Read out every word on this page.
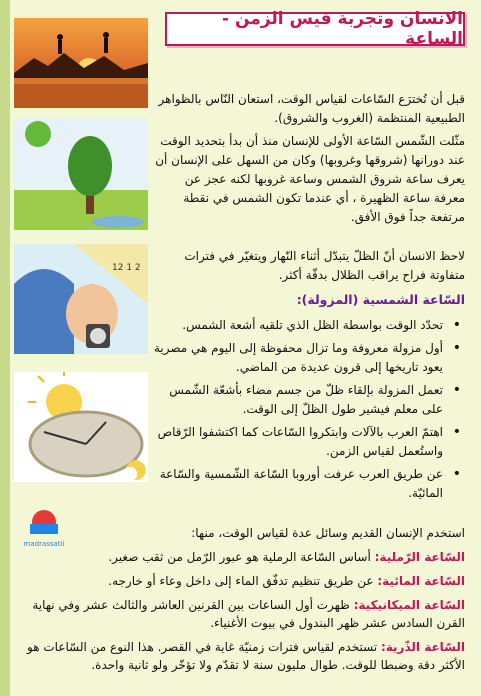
الانسان وتجربة قيس الزمن - الساعة
12 1 2
madrassatii
قبل أن تُخترَع السّاعات لقياس الوقت، استعان النّاس بالظواهر الطبيعية المنتظمة (الغروب والشروق).
مثّلت الشّمس السّاعة الأولى للإنسان منذ أن بدأ بتحديد الوقت عند دورانها (شروقها وغروبها) وكان من السهل على الإنسان أن يعرف ساعة شروق الشمس وساعة غروبها لكنه عجز عن معرفة ساعة الظهيرة ، أي عندما تكون الشمس في نقطة مرتفعة جداً فوق الأفق.
لاحظ الانسان أنّ الظلّ يتبدّل أثناء النّهار ويتغيّر في فترات متفاوتة فراح يراقب الظلال بدقّة أكثر.
السّاعة الشمسية (المزولة):
• تحدّد الوقت بواسطة الظل الذي تلقيه أشعة الشمس.
• أول مزولة معروفة وما تزال محفوظة إلى اليوم هي مصرية يعود تاريخها إلى قرون عديدة من الماضي.
• تعمل المزولة بإلقاء ظلّ من جسم مضاء بأشعّة الشّمس على معلم فيشير طول الظلّ إلى الوقت.
• اهتمّ العرب بالآلات وابتكروا السّاعات كما اكتشفوا الرّقاص واستُعمل لقياس الزمن.
• عن طريق العرب عرفت أوروبا السّاعة الشّمسية والسّاعة المائيّة.
استخدم الإنسان القديم وسائل عدة لقياس الوقت، منها:
السّاعة الرّملية: أساس السّاعة الرملية هو عبور الرّمل من ثقب صغير.
السّاعة المائية: عن طريق تنظيم تدفّق الماء إلى داخل وعاء أو خارجه.
السّاعة الميكانيكية: ظهرت أول الساعات بين القرنين العاشر والثالث عشر وفي نهاية القرن السادس عشر ظهر البندول في بيوت الأغنياء.
السّاعة الذّرية: تستخدم لقياس فترات زمنيّة غاية في القصر. هذا النوع من السّاعات هو الأكثر دقة وضبطا للوقت. طوال مليون سنة لا تقدّم ولا تؤخّر ولو ثانية واحدة.
